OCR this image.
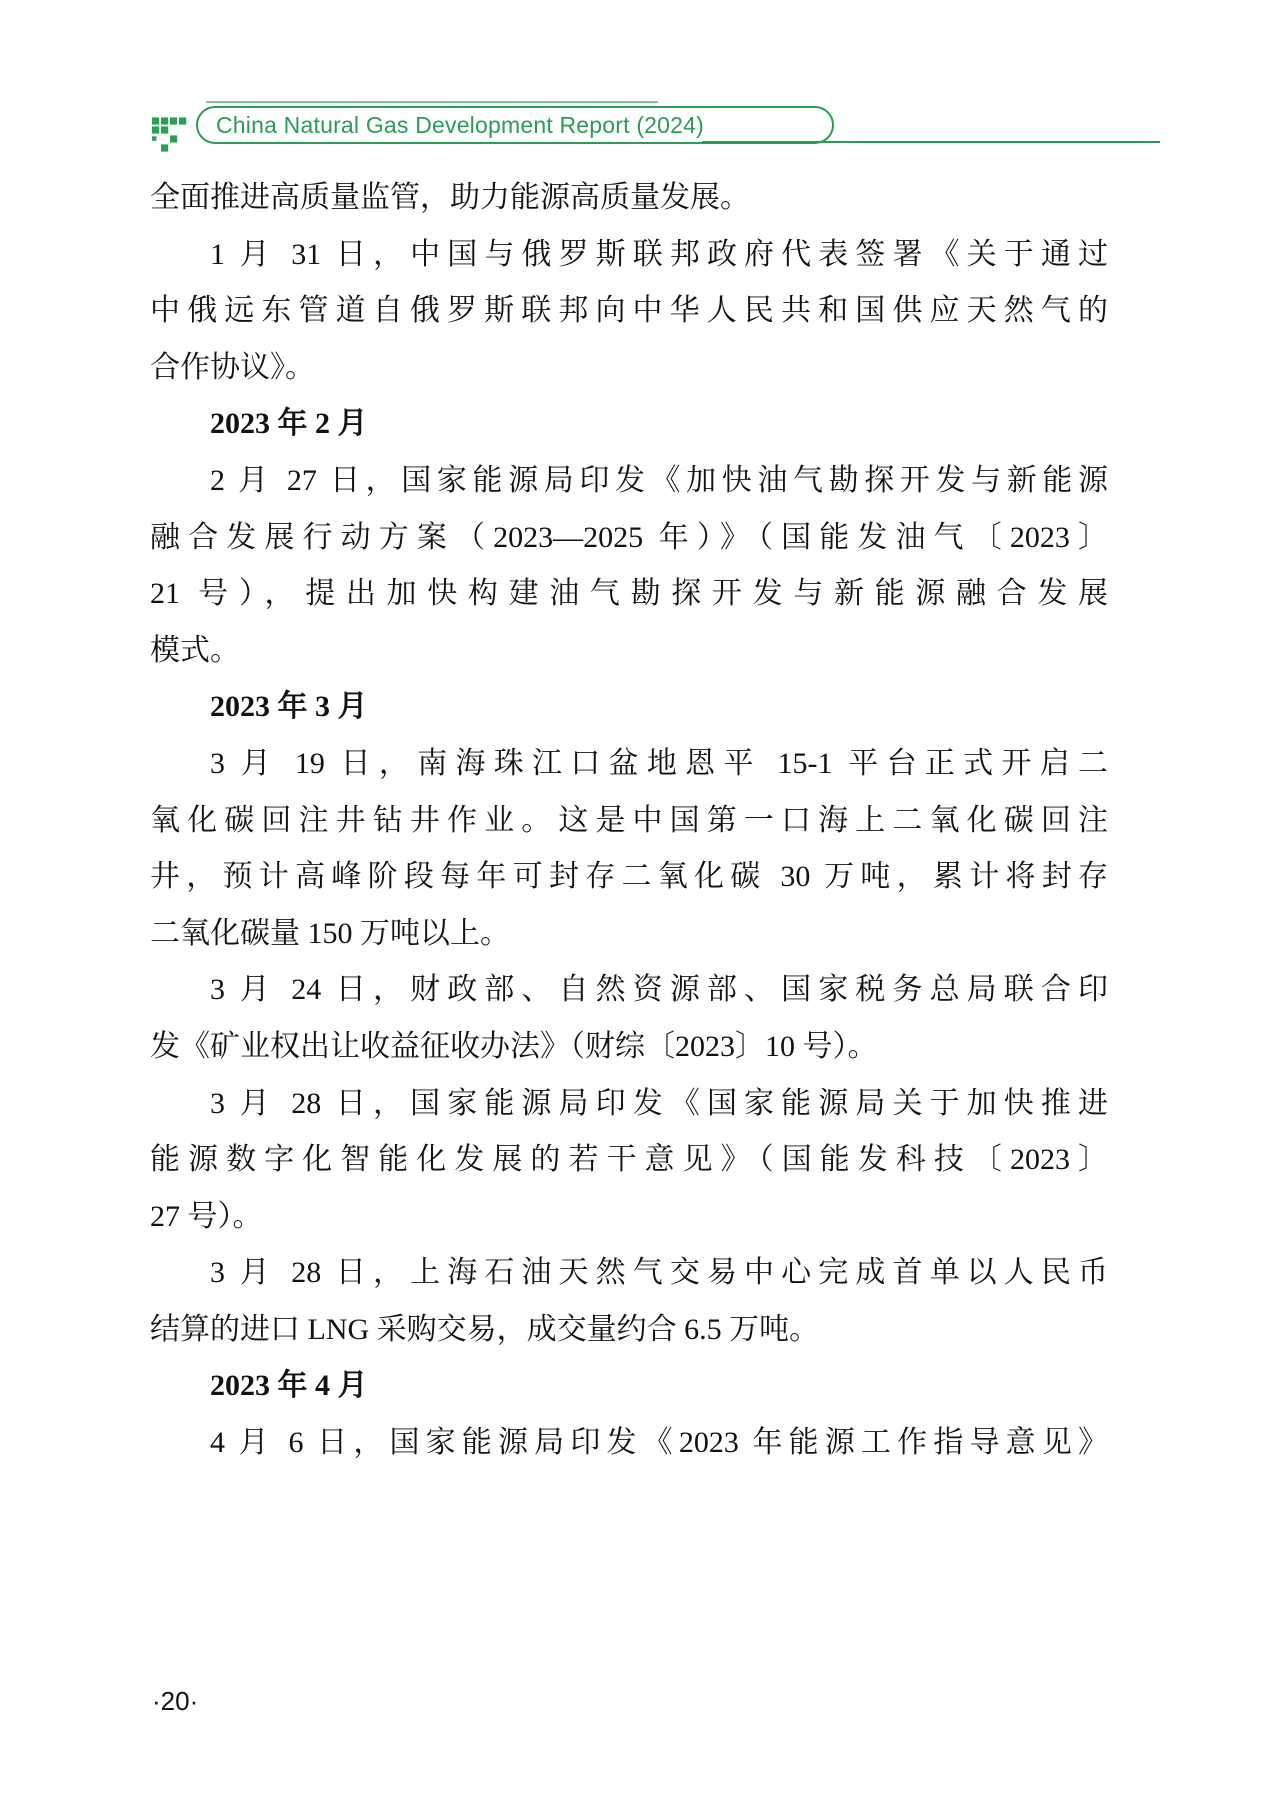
China Natural Gas Development Report (2024)

全面推进高质量监管，助力能源高质量发展。

1 月 31 日，中国与俄罗斯联邦政府代表签署《关于通过

中俄远东管道自俄罗斯联邦向中华人民共和国供应天然气的

合作协议》。

2023 年 2 月

2 月 27 日，国家能源局印发《加快油气勘探开发与新能源

融合发展行动方案（2023—2025 年）》（国能发油气〔2023〕

21 号），提出加快构建油气勘探开发与新能源融合发展

模式。

2023 年 3 月

3 月 19 日，南海珠江口盆地恩平 15-1 平台正式开启二

氧化碳回注井钻井作业。这是中国第一口海上二氧化碳回注

井，预计高峰阶段每年可封存二氧化碳 30 万吨，累计将封存

二氧化碳量 150 万吨以上。

3 月 24 日，财政部、自然资源部、国家税务总局联合印

发《矿业权出让收益征收办法》（财综〔2023〕10 号）。

3 月 28 日，国家能源局印发《国家能源局关于加快推进

能源数字化智能化发展的若干意见》（国能发科技〔2023〕

27 号）。

3 月 28 日，上海石油天然气交易中心完成首单以人民币

结算的进口 LNG 采购交易，成交量约合 6.5 万吨。

2023 年 4 月

4 月 6 日，国家能源局印发《2023 年能源工作指导意见》

·20·
